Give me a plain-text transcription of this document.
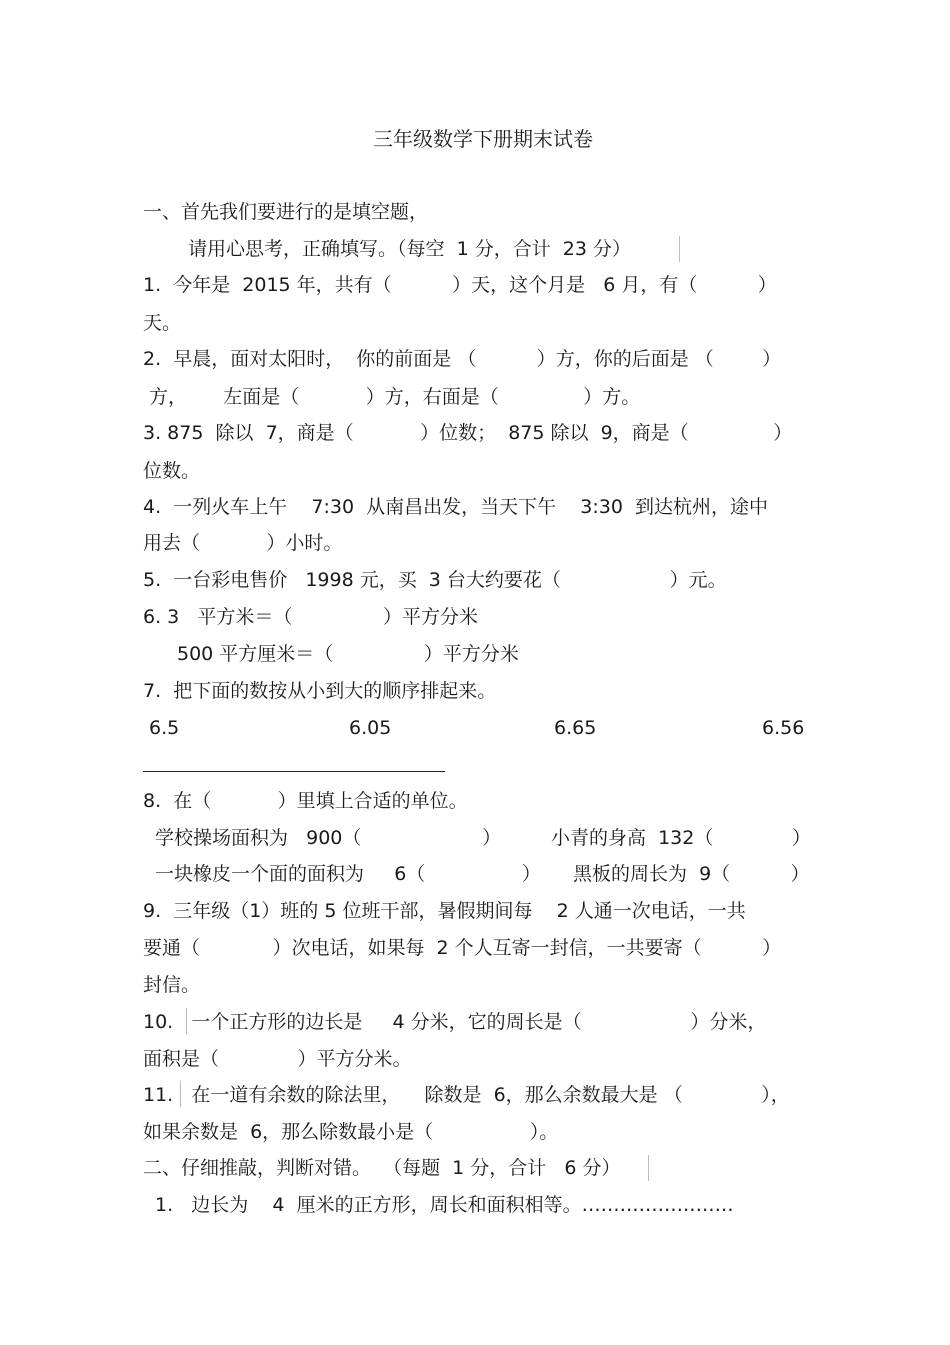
三年级数学下册期末试卷
一、首先我们要进行的是填空题，
请用心思考，正确填写。（每空  1 分，合计  23 分）
1.  今年是  2015 年，共有（          ）天，这个月是   6 月，有（          ）
天。
2.  早晨，面对太阳时，  你的前面是 （          ）方，你的后面是 （        ）
方，      左面是（           ）方，右面是（              ）方。
3. 875  除以  7，商是（           ）位数；  875 除以  9，商是（              ）
位数。
4.  一列火车上午    7:30  从南昌出发，当天下午    3:30  到达杭州，途中
用去（           ）小时。
5.  一台彩电售价   1998 元，买  3 台大约要花（                  ）元。
6. 3   平方米＝（               ）平方分米
500 平方厘米＝（               ）平方分米
7.  把下面的数按从小到大的顺序排起来。
6.5	6.05	6.65	6.56
8.  在（           ）里填上合适的单位。
学校操场面积为   900（                    ）	小青的身高  132（             ）
一块橡皮一个面的面积为     6（                ） 黑板的周长为  9（          ）
9.  三年级（1）班的 5 位班干部，暑假期间每    2 人通一次电话，一共
要通（            ）次电话，如果每  2 个人互寄一封信，一共要寄（          ）
封信。
10.   一个正方形的边长是     4 分米，它的周长是（                  ）分米，
面积是（             ）平方分米。
11.   在一道有余数的除法里，    除数是  6，那么余数最大是 （             ），
如果余数是  6，那么除数最小是（                ）。
二、仔细推敲，判断对错。  （每题  1 分，合计   6 分）
1.   边长为    4  厘米的正方形，周长和面积相等。……………………
